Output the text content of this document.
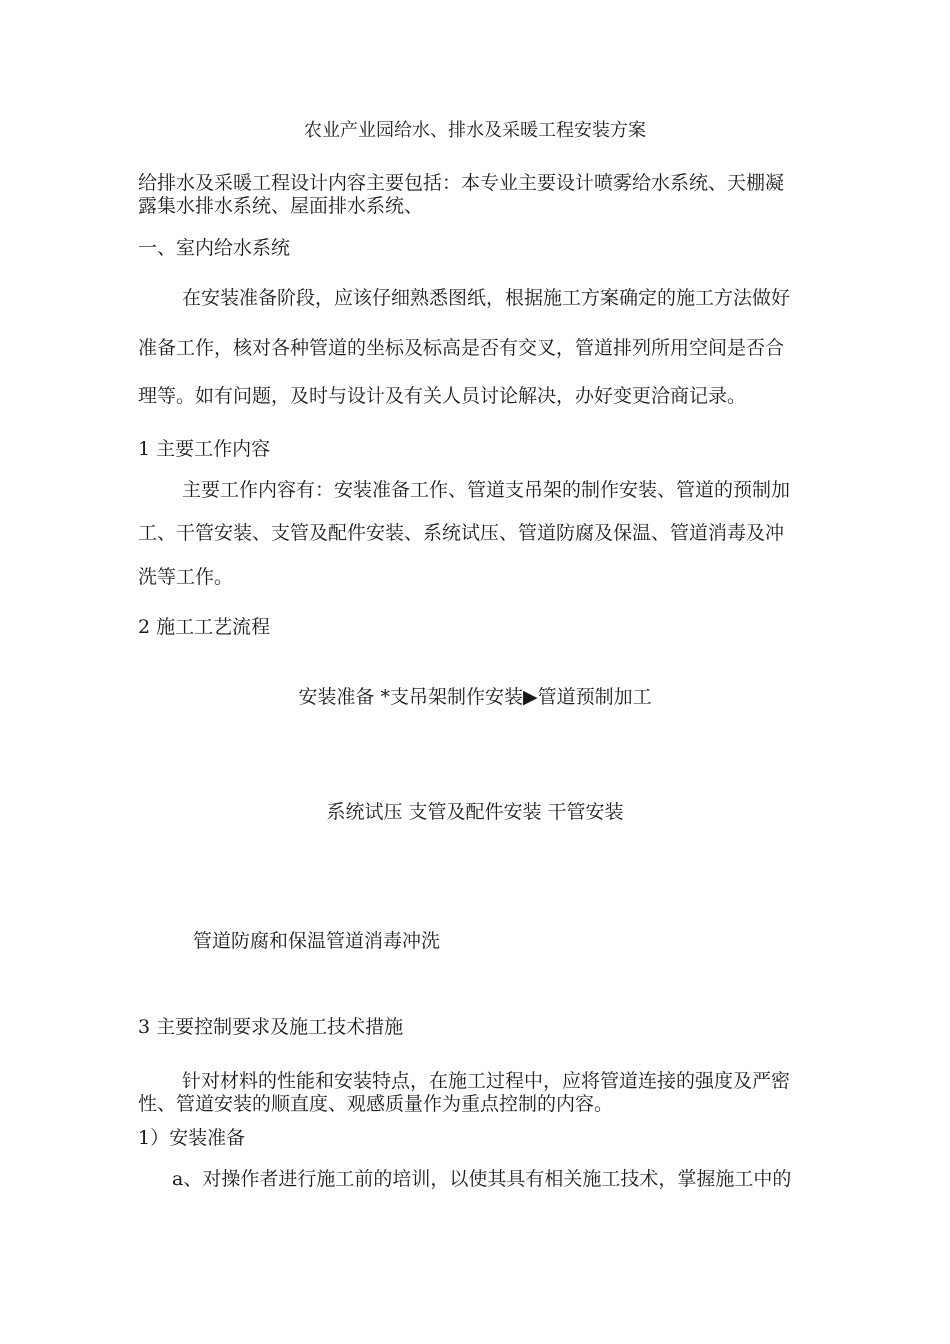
农业产业园给水、排水及采暖工程安装方案
给排水及采暖工程设计内容主要包括：本专业主要设计喷雾给水系统、天棚凝
露集水排水系统、屋面排水系统、
一、室内给水系统
在安装准备阶段，应该仔细熟悉图纸，根据施工方案确定的施工方法做好
准备工作，核对各种管道的坐标及标高是否有交叉，管道排列所用空间是否合
理等。如有问题，及时与设计及有关人员讨论解决，办好变更洽商记录。
1 主要工作内容
主要工作内容有：安装准备工作、管道支吊架的制作安装、管道的预制加
工、干管安装、支管及配件安装、系统试压、管道防腐及保温、管道消毒及冲
洗等工作。
2 施工工艺流程
安装准备 *支吊架制作安装▶管道预制加工
系统试压 支管及配件安装 干管安装
管道防腐和保温管道消毒冲洗
3 主要控制要求及施工技术措施
针对材料的性能和安装特点，在施工过程中，应将管道连接的强度及严密
性、管道安装的顺直度、观感质量作为重点控制的内容。
1）安装准备
a、对操作者进行施工前的培训，以使其具有相关施工技术，掌握施工中的
